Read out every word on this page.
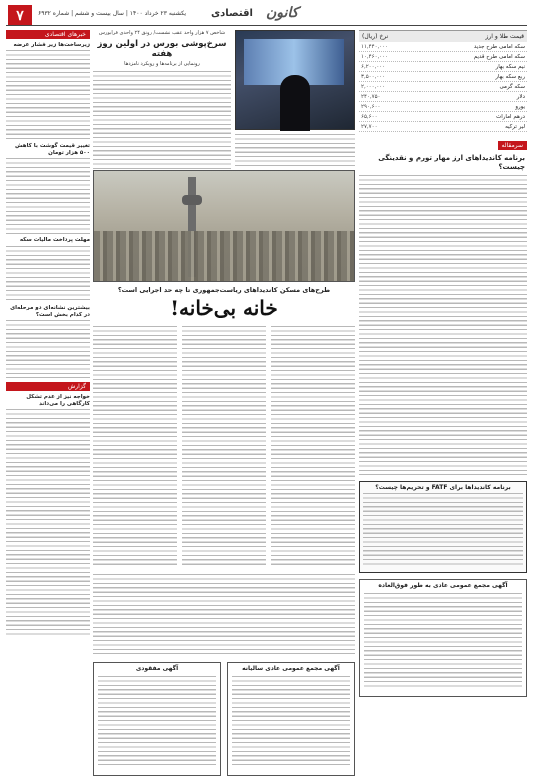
۷	یکشنبه ۲۳ خرداد ۱۴۰۰ | سال بیست و ششم | شماره ۶۹۳۲ اقتصادی کانون
قیمت طلا و ارز
نرخ (ریال)
سکه امامی طرح جدید	۱۱,۴۴۰,۰۰۰
سکه امامی طرح قدیم	۱۰,۴۶۰,۰۰۰
نیم سکه بهار	۶,۲۰۰,۰۰۰
ربع سکه بهار	۳,۵۰۰,۰۰۰
سکه گرمی	۲,۰۰۰,۰۰۰
دلار	۲۴۰,۷۵۰
یورو	۲۹۰,۶۰۰
درهم امارات	۶۵,۶۰۰
لیر ترکیه	۲۷,۷۰۰
سرمقاله
برنامه کاندیداهای ارز مهار تورم و نقدینگی چیست؟
برنامه کاندیداها برای FATF و تحریم‌ها چیست؟
آگهی مجمع عمومی عادی به طور فوق‌العاده
شاخص ۷ هزار واحد عقب نشست/ رونق ۲۴ واحدی فرابورس
سرخ‌پوشی بورس در اولین روز هفته
رونمایی از برنامه‌ها و رویکرد نامزدها
طرح‌های مسکن کاندیداهای ریاست‌جمهوری تا چه حد اجرایی است؟
خانه بی‌خانه!
آگهی مجمع عمومی عادی سالیانه
آگهی مفقودی
خبرهای اقتصادی
زیرساخت‌ها زیر فشار عرضه
تغییر قیمت گوشت با کاهش ۵۰۰ هزار تومان
مهلت پرداخت مالیات سکه
بیشترین نشانه‌ای دو مرحله‌ای در کدام بخش است؟
گزارش
خواجه نیز از عدم تشکل کارگاهی را می‌داند
